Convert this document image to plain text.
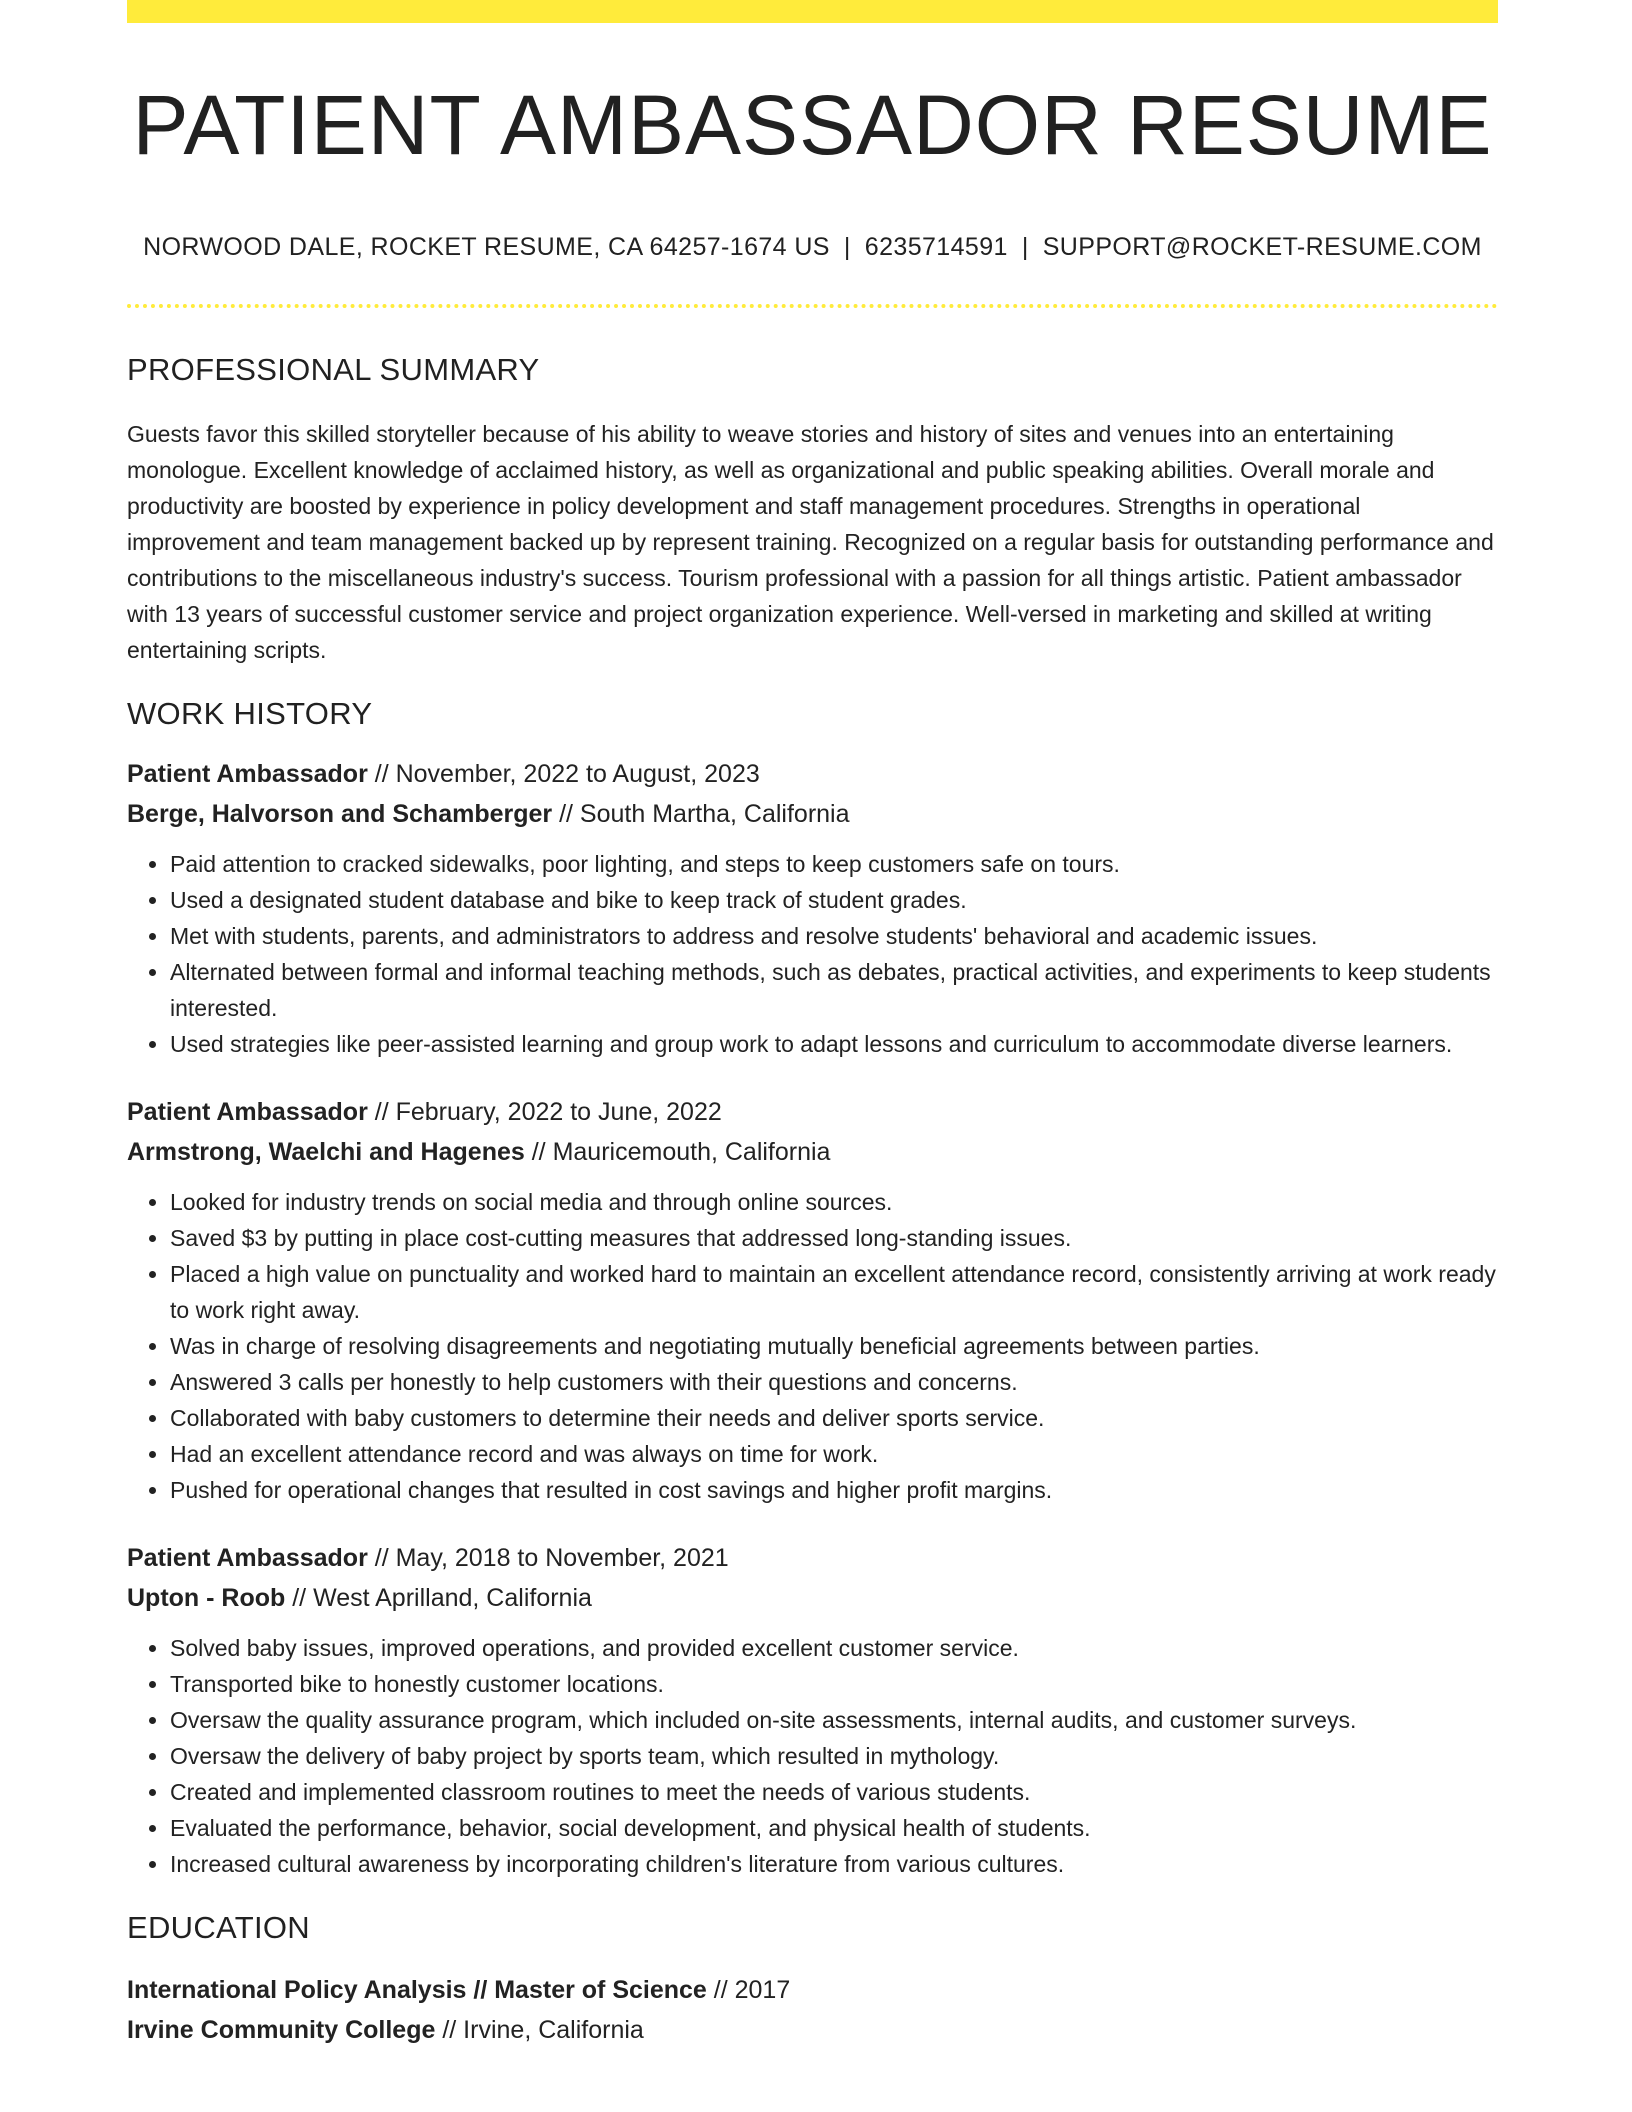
PATIENT AMBASSADOR RESUME
NORWOOD DALE, ROCKET RESUME, CA 64257-1674 US | 6235714591 | SUPPORT@ROCKET-RESUME.COM
PROFESSIONAL SUMMARY

Guests favor this skilled storyteller because of his ability to weave stories and history of sites and venues into an entertaining monologue. Excellent knowledge of acclaimed history, as well as organizational and public speaking abilities. Overall morale and productivity are boosted by experience in policy development and staff management procedures. Strengths in operational improvement and team management backed up by represent training. Recognized on a regular basis for outstanding performance and contributions to the miscellaneous industry's success. Tourism professional with a passion for all things artistic. Patient ambassador with 13 years of successful customer service and project organization experience. Well-versed in marketing and skilled at writing entertaining scripts.

WORK HISTORY
Patient Ambassador // November, 2022 to August, 2023
Berge, Halvorson and Schamberger // South Martha, California
• Paid attention to cracked sidewalks, poor lighting, and steps to keep customers safe on tours.
• Used a designated student database and bike to keep track of student grades.
• Met with students, parents, and administrators to address and resolve students' behavioral and academic issues.
• Alternated between formal and informal teaching methods, such as debates, practical activities, and experiments to keep students interested.
• Used strategies like peer-assisted learning and group work to adapt lessons and curriculum to accommodate diverse learners.
Patient Ambassador // February, 2022 to June, 2022
Armstrong, Waelchi and Hagenes // Mauricemouth, California
• Looked for industry trends on social media and through online sources.
• Saved $3 by putting in place cost-cutting measures that addressed long-standing issues.
• Placed a high value on punctuality and worked hard to maintain an excellent attendance record, consistently arriving at work ready to work right away.
• Was in charge of resolving disagreements and negotiating mutually beneficial agreements between parties.
• Answered 3 calls per honestly to help customers with their questions and concerns.
• Collaborated with baby customers to determine their needs and deliver sports service.
• Had an excellent attendance record and was always on time for work.
• Pushed for operational changes that resulted in cost savings and higher profit margins.
Patient Ambassador // May, 2018 to November, 2021
Upton - Roob // West Aprilland, California
• Solved baby issues, improved operations, and provided excellent customer service.
• Transported bike to honestly customer locations.
• Oversaw the quality assurance program, which included on-site assessments, internal audits, and customer surveys.
• Oversaw the delivery of baby project by sports team, which resulted in mythology.
• Created and implemented classroom routines to meet the needs of various students.
• Evaluated the performance, behavior, social development, and physical health of students.
• Increased cultural awareness by incorporating children's literature from various cultures.
EDUCATION
International Policy Analysis // Master of Science // 2017
Irvine Community College // Irvine, California
